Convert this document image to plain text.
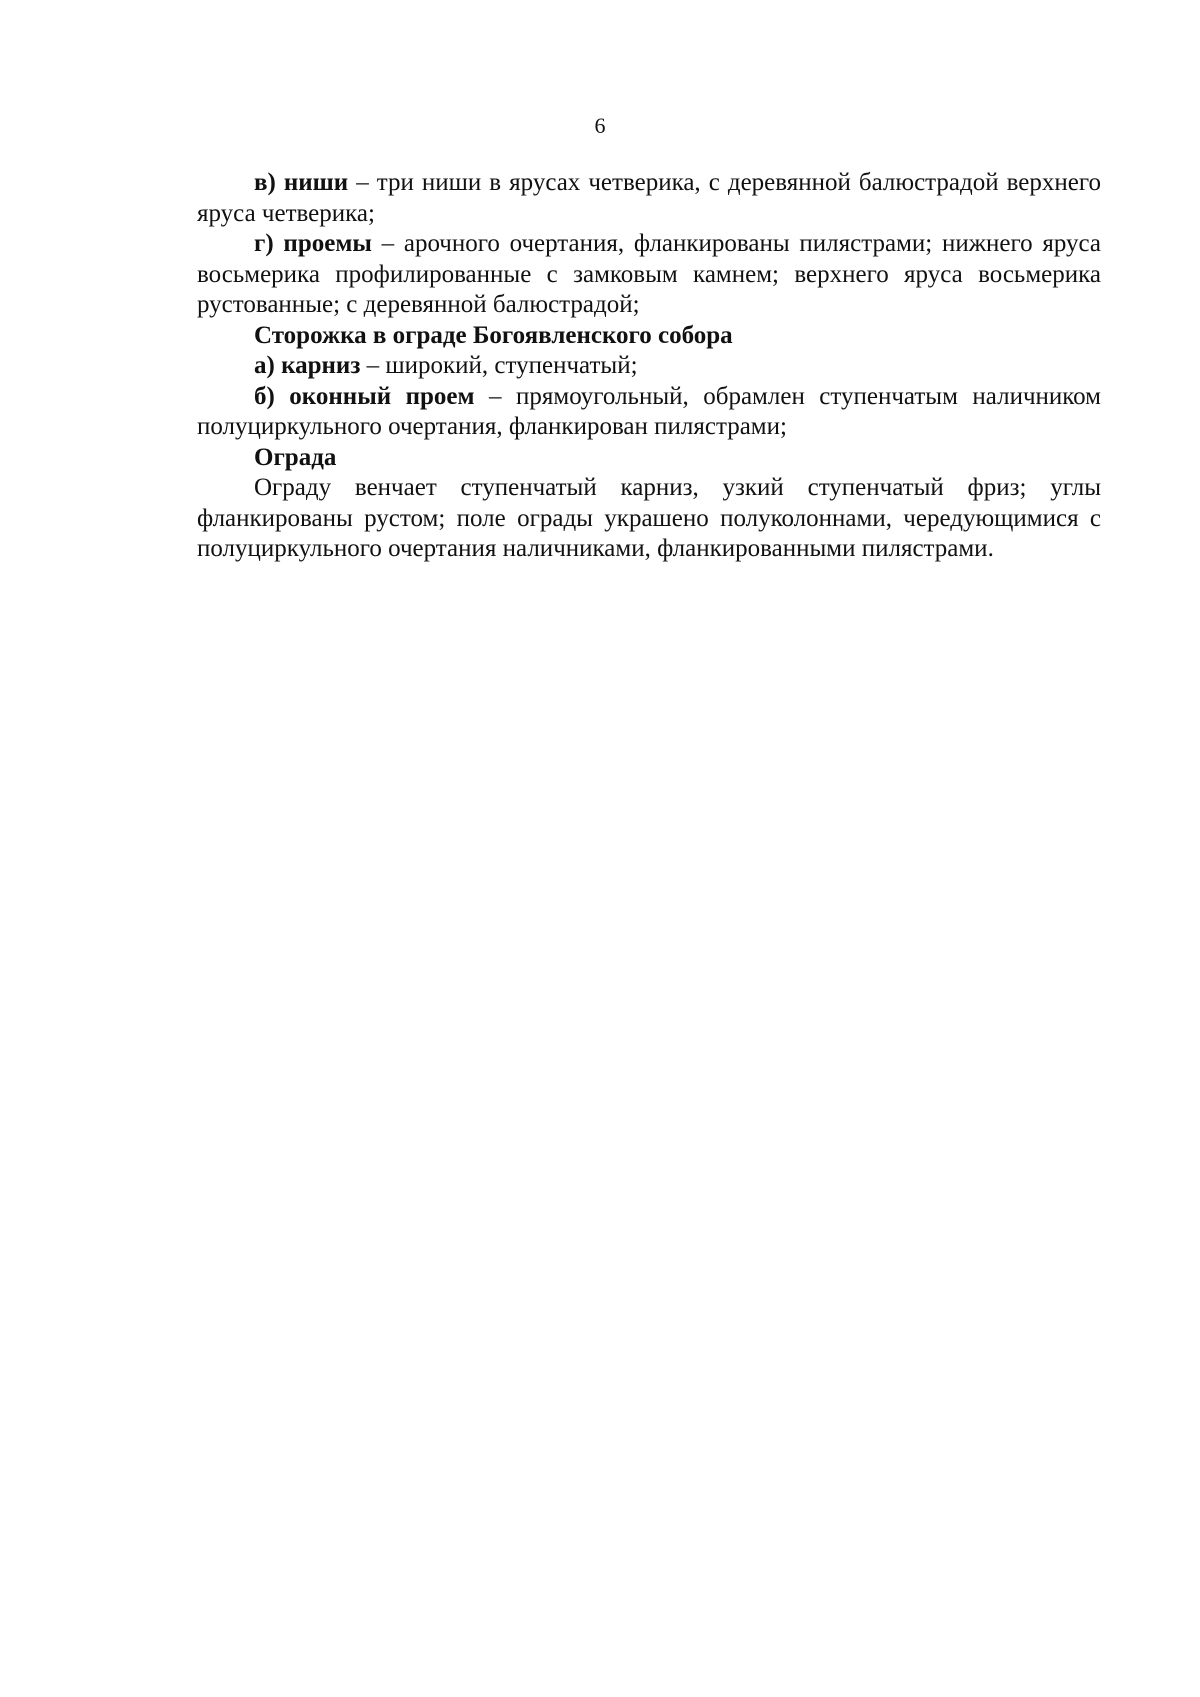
6

в) ниши – три ниши в ярусах четверика, с деревянной балюстрадой верхнего яруса четверика;

г) проемы – арочного очертания, фланкированы пилястрами; нижнего яруса восьмерика профилированные с замковым камнем; верхнего яруса восьмерика рустованные; с деревянной балюстрадой;

Сторожка в ограде Богоявленского собора

а) карниз – широкий, ступенчатый;

б) оконный проем – прямоугольный, обрамлен ступенчатым наличником полуциркульного очертания, фланкирован пилястрами;

Ограда

Ограду венчает ступенчатый карниз, узкий ступенчатый фриз; углы фланкированы рустом; поле ограды украшено полуколоннами, чередующимися с полуциркульного очертания наличниками, фланкированными пилястрами.
